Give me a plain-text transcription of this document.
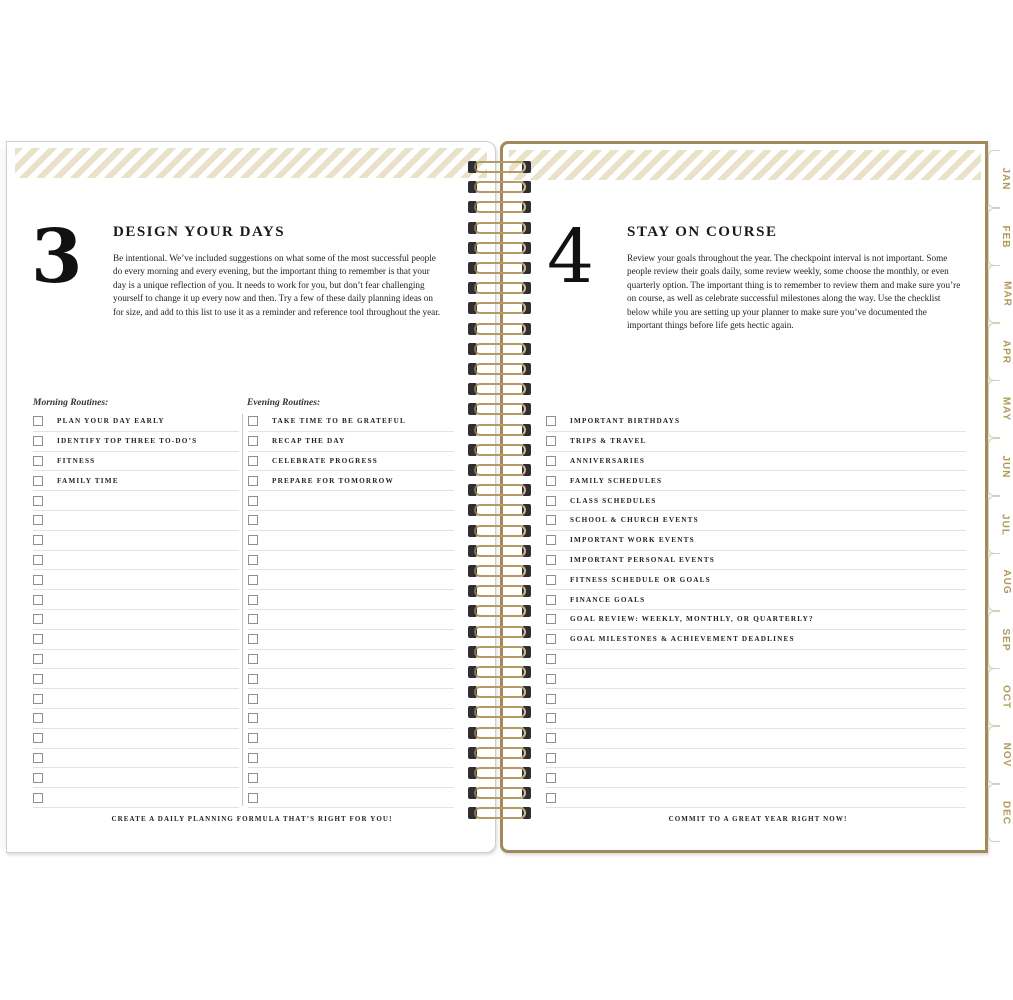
3 DESIGN YOUR DAYS
Be intentional. We’ve included suggestions on what some of the most successful people do every morning and every evening, but the important thing to remember is that your day is a unique reflection of you. It needs to work for you, but don’t fear challenging yourself to change it up every now and then. Try a few of these daily planning ideas on for size, and add to this list to use it as a reminder and reference tool throughout the year.
Morning Routines:	Evening Routines:
PLAN YOUR DAY EARLY
IDENTIFY TOP THREE TO-DO’S
FITNESS
FAMILY TIME
TAKE TIME TO BE GRATEFUL
RECAP THE DAY
CELEBRATE PROGRESS
PREPARE FOR TOMORROW
CREATE A DAILY PLANNING FORMULA THAT’S RIGHT FOR YOU!
4 STAY ON COURSE
Review your goals throughout the year. The checkpoint interval is not important. Some people review their goals daily, some review weekly, some choose the monthly, or even quarterly option. The important thing is to remember to review them and make sure you’re on course, as well as celebrate successful milestones along the way. Use the checklist below while you are setting up your planner to make sure you’ve documented the important things before life gets hectic again.
IMPORTANT BIRTHDAYS
TRIPS & TRAVEL
ANNIVERSARIES
FAMILY SCHEDULES
CLASS SCHEDULES
SCHOOL & CHURCH EVENTS
IMPORTANT WORK EVENTS
IMPORTANT PERSONAL EVENTS
FITNESS SCHEDULE OR GOALS
FINANCE GOALS
GOAL REVIEW: WEEKLY, MONTHLY, OR QUARTERLY?
GOAL MILESTONES & ACHIEVEMENT DEADLINES
COMMIT TO A GREAT YEAR RIGHT NOW!
JAN
FEB
MAR
APR
MAY
JUN
JUL
AUG
SEP
OCT
NOV
DEC
